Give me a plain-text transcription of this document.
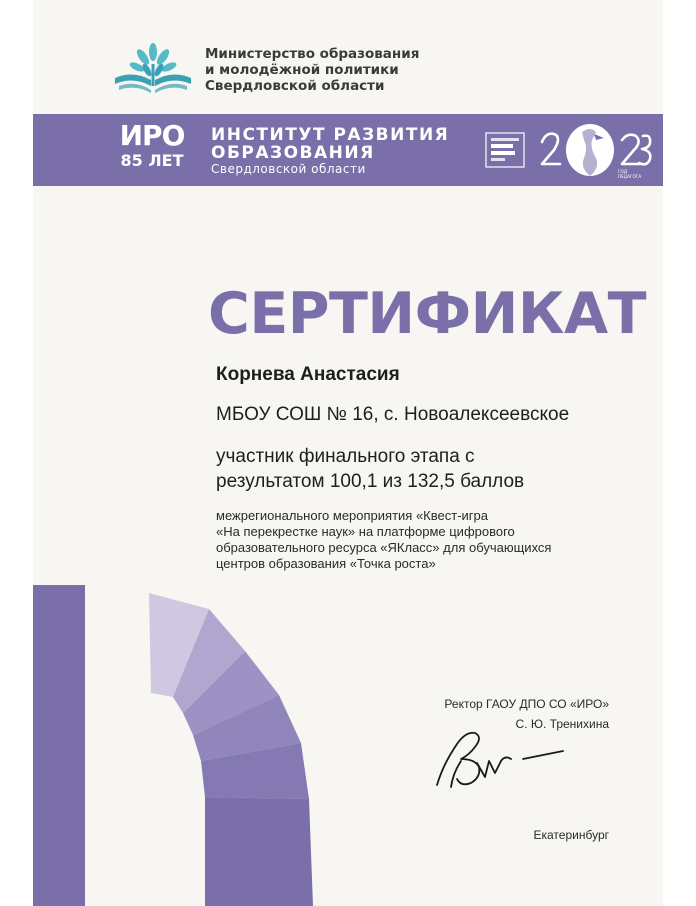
Министерство образования
и молодёжной политики
Свердловской области
ИРО
85 ЛЕТ
ИНСТИТУТ РАЗВИТИЯ
ОБРАЗОВАНИЯ
Свердловской области	ГОД
ПЕДАГОГА
СЕРТИФИКАТ
Корнева Анастасия
МБОУ СОШ № 16, с. Новоалексеевское
участник финального этапа с
результатом 100,1 из 132,5 баллов
межрегионального мероприятия «Квест-игра
«На перекрестке наук» на платформе цифрового
образовательного ресурса «ЯКласс» для обучающихся
центров образования «Точка роста»
Ректор ГАОУ ДПО СО «ИРО»
С. Ю. Тренихина
Екатеринбург
